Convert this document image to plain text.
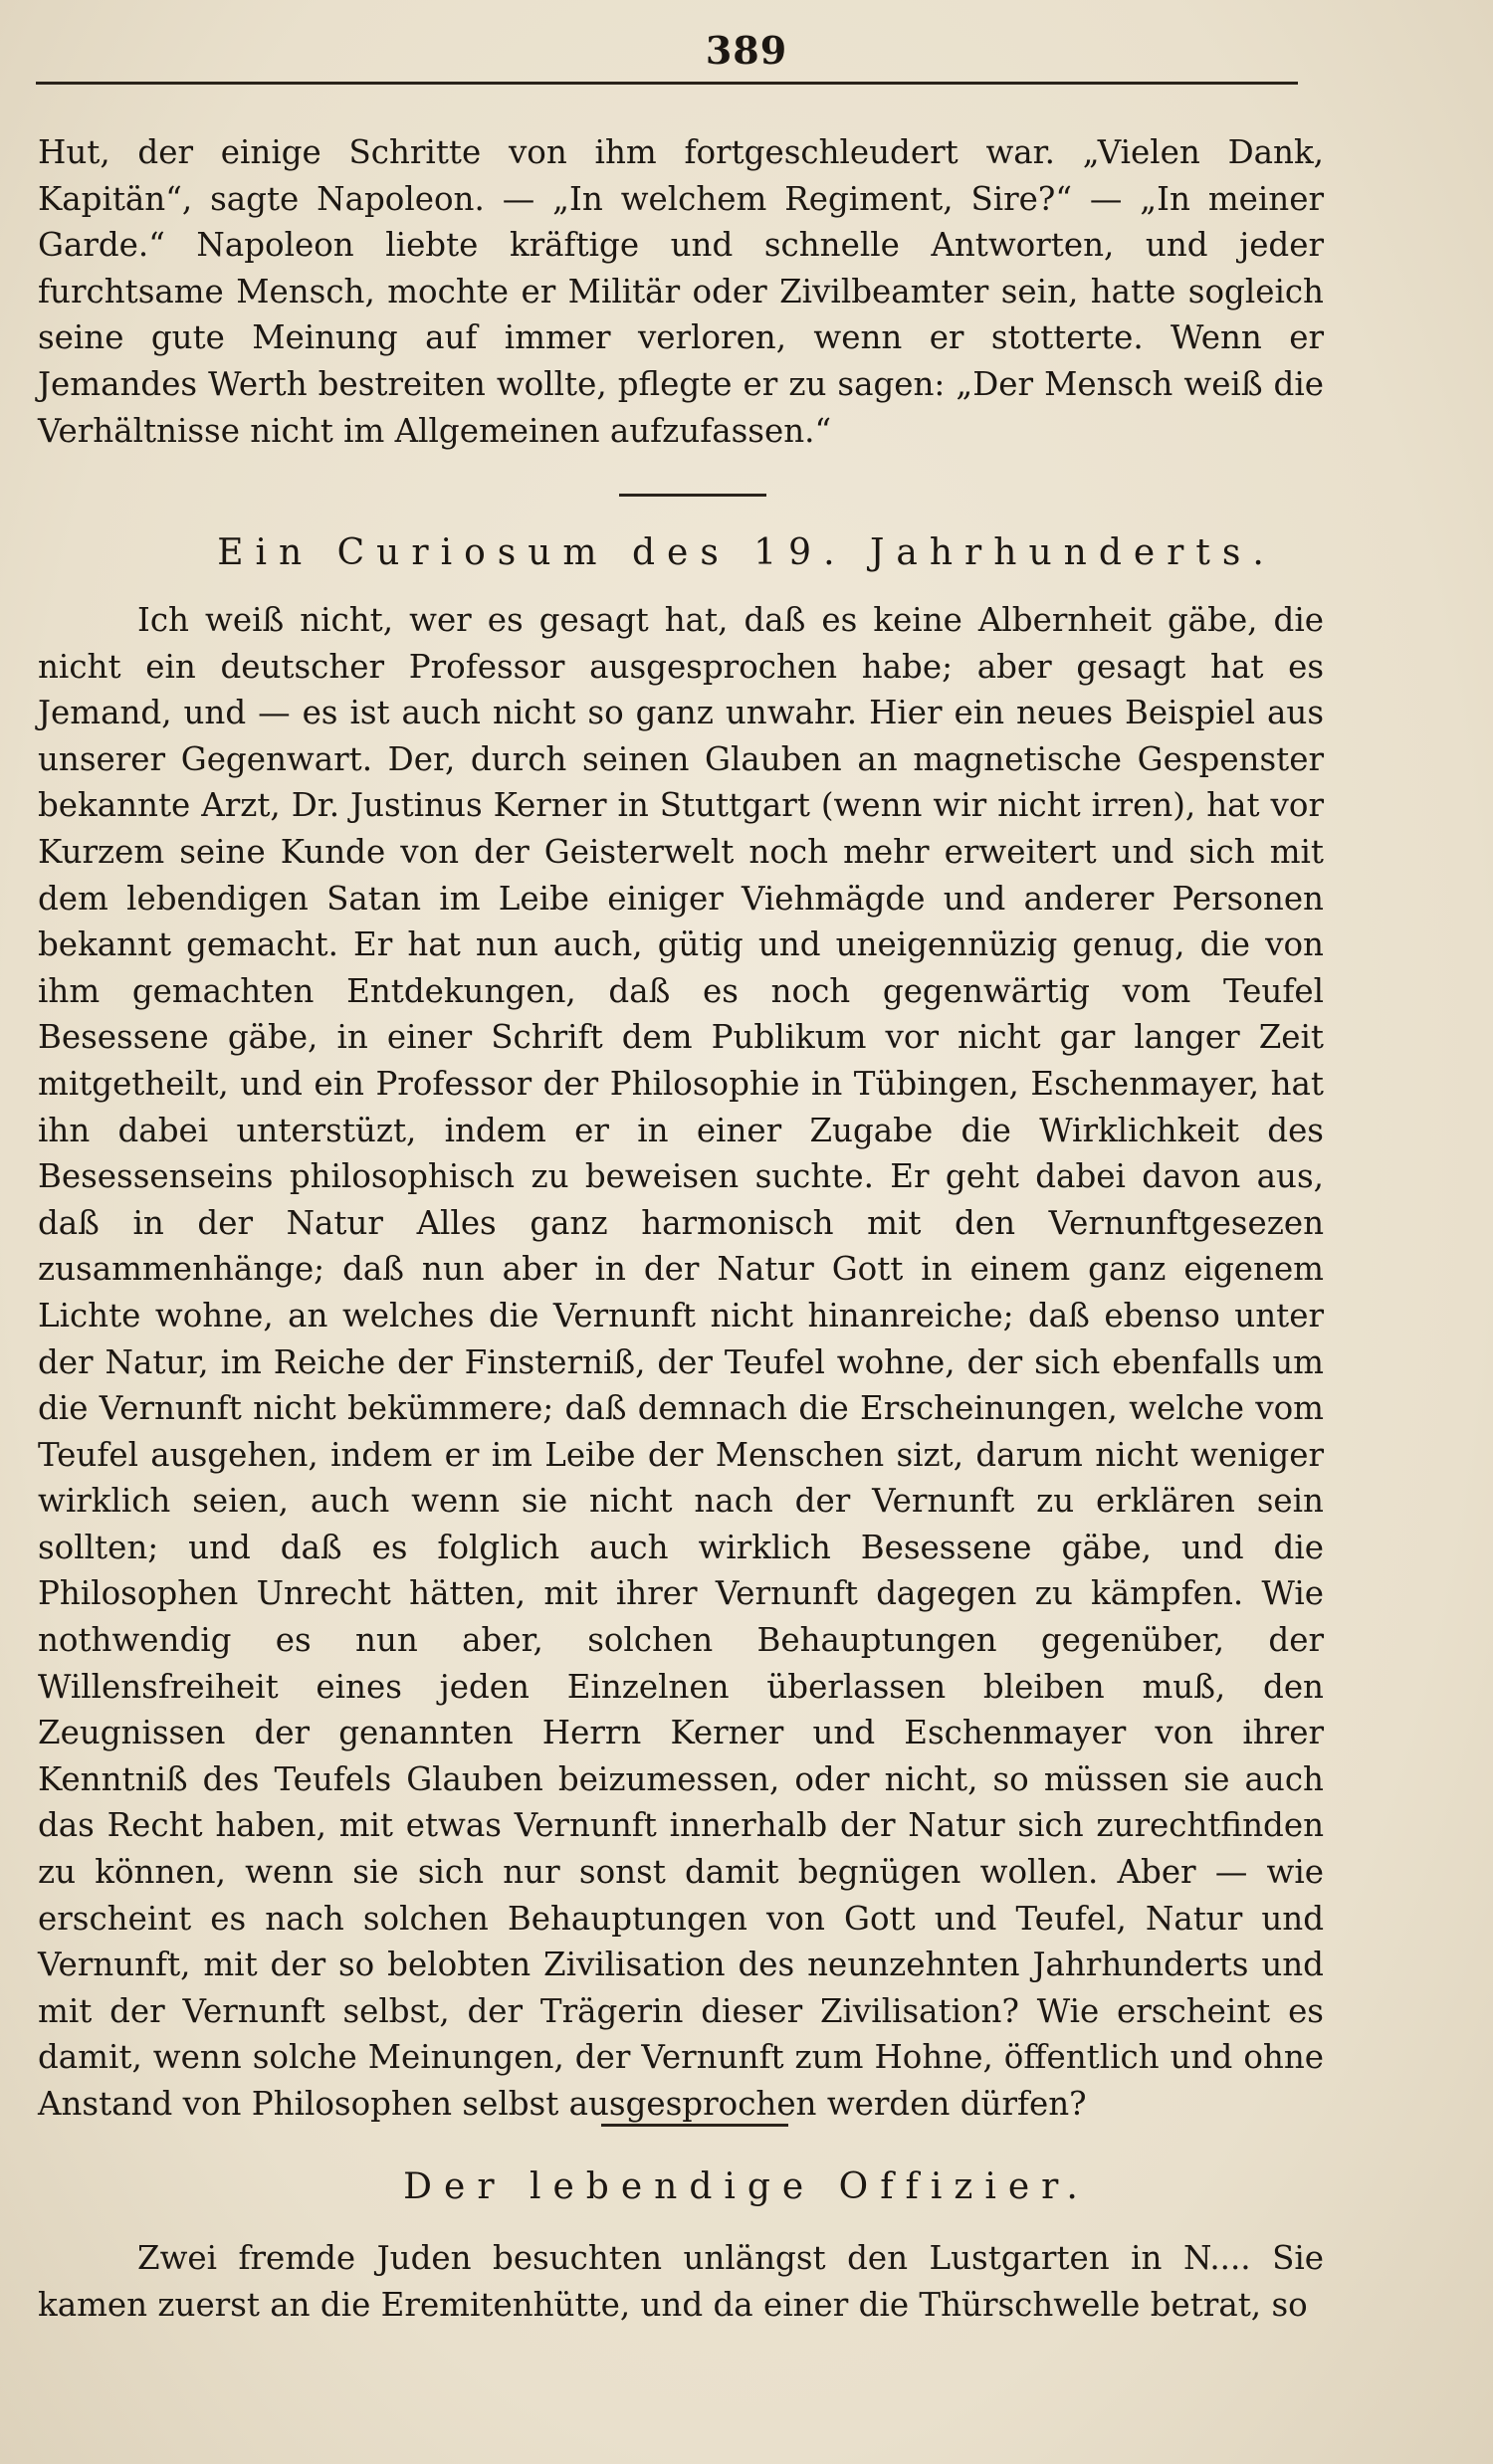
389

Hut, der einige Schritte von ihm fortgeschleudert war. „Vielen Dank, Kapitän“, sagte Napoleon. — „In welchem Regiment, Sire?“ — „In meiner Garde.“ Napoleon liebte kräftige und schnelle Antworten, und jeder furchtsame Mensch, mochte er Militär oder Zivilbeamter sein, hatte sogleich seine gute Meinung auf immer verloren, wenn er stotterte. Wenn er Jemandes Werth bestreiten wollte, pflegte er zu sagen: „Der Mensch weiß die Verhältnisse nicht im Allgemeinen aufzufassen.“

Ein Curiosum des 19. Jahrhunderts.

Ich weiß nicht, wer es gesagt hat, daß es keine Albernheit gäbe, die nicht ein deutscher Professor ausgesprochen habe; aber gesagt hat es Jemand, und — es ist auch nicht so ganz unwahr. Hier ein neues Beispiel aus unserer Gegenwart. Der, durch seinen Glauben an magnetische Gespenster bekannte Arzt, Dr. Justinus Kerner in Stuttgart (wenn wir nicht irren), hat vor Kurzem seine Kunde von der Geisterwelt noch mehr erweitert und sich mit dem lebendigen Satan im Leibe einiger Viehmägde und anderer Personen bekannt gemacht. Er hat nun auch, gütig und uneigennüzig genug, die von ihm gemachten Entdekungen, daß es noch gegenwärtig vom Teufel Besessene gäbe, in einer Schrift dem Publikum vor nicht gar langer Zeit mitgetheilt, und ein Professor der Philosophie in Tübingen, Eschenmayer, hat ihn dabei unterstüzt, indem er in einer Zugabe die Wirklichkeit des Besessenseins philosophisch zu beweisen suchte. Er geht dabei davon aus, daß in der Natur Alles ganz harmonisch mit den Vernunftgesezen zusammenhänge; daß nun aber in der Natur Gott in einem ganz eigenem Lichte wohne, an welches die Vernunft nicht hinanreiche; daß ebenso unter der Natur, im Reiche der Finsterniß, der Teufel wohne, der sich ebenfalls um die Vernunft nicht bekümmere; daß demnach die Erscheinungen, welche vom Teufel ausgehen, indem er im Leibe der Menschen sizt, darum nicht weniger wirklich seien, auch wenn sie nicht nach der Vernunft zu erklären sein sollten; und daß es folglich auch wirklich Besessene gäbe, und die Philosophen Unrecht hätten, mit ihrer Vernunft dagegen zu kämpfen. Wie nothwendig es nun aber, solchen Behauptungen gegenüber, der Willensfreiheit eines jeden Einzelnen überlassen bleiben muß, den Zeugnissen der genannten Herrn Kerner und Eschenmayer von ihrer Kenntniß des Teufels Glauben beizumessen, oder nicht, so müssen sie auch das Recht haben, mit etwas Vernunft innerhalb der Natur sich zurechtfinden zu können, wenn sie sich nur sonst damit begnügen wollen. Aber — wie erscheint es nach solchen Behauptungen von Gott und Teufel, Natur und Vernunft, mit der so belobten Zivilisation des neunzehnten Jahrhunderts und mit der Vernunft selbst, der Trägerin dieser Zivilisation? Wie erscheint es damit, wenn solche Meinungen, der Vernunft zum Hohne, öffentlich und ohne Anstand von Philosophen selbst ausgesprochen werden dürfen?

Der lebendige Offizier.

Zwei fremde Juden besuchten unlängst den Lustgarten in N.... Sie kamen zuerst an die Eremitenhütte, und da einer die Thürschwelle betrat, so
